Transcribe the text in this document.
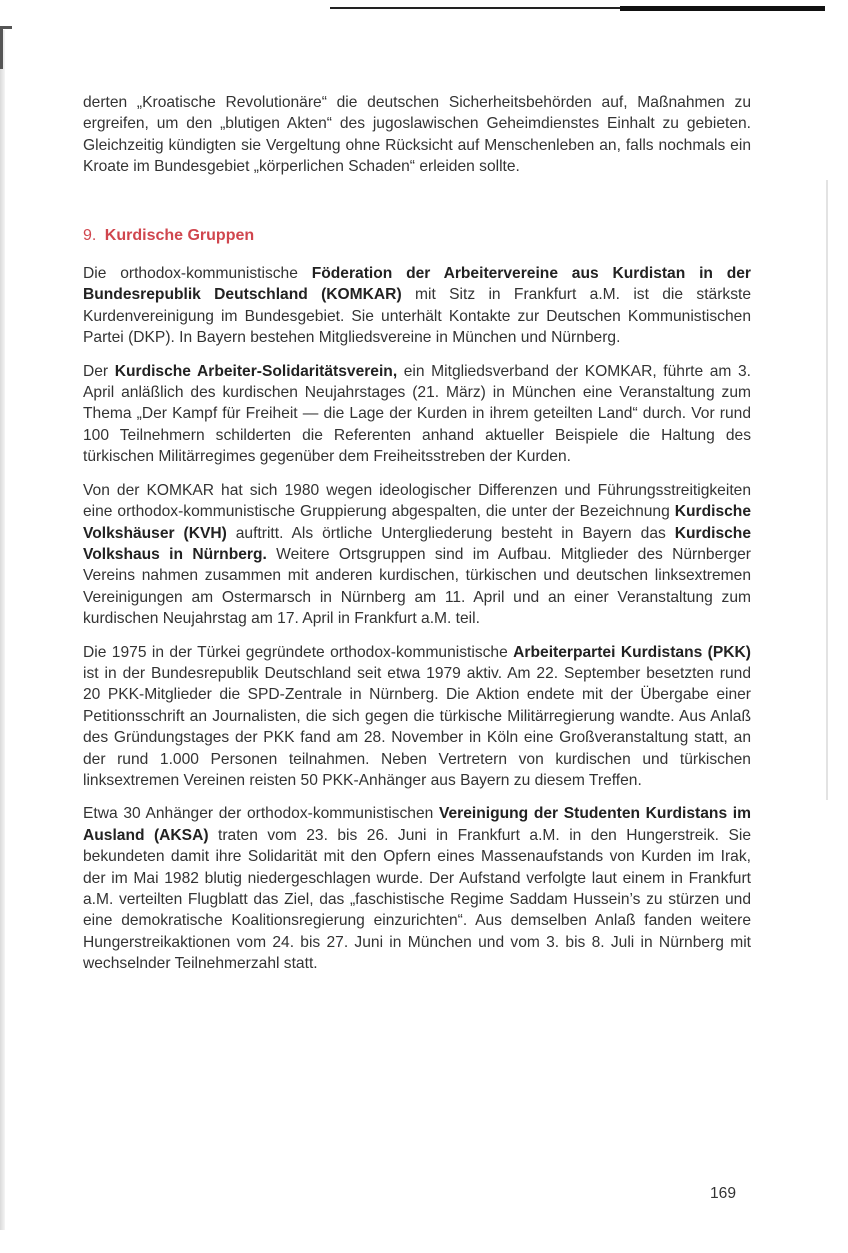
derten „Kroatische Revolutionäre“ die deutschen Sicherheitsbehörden auf, Maßnahmen zu ergreifen, um den „blutigen Akten“ des jugoslawischen Geheimdienstes Einhalt zu gebieten. Gleichzeitig kündigten sie Vergeltung ohne Rücksicht auf Menschenleben an, falls nochmals ein Kroate im Bundesgebiet „körperlichen Schaden“ erleiden sollte.

9. Kurdische Gruppen

Die orthodox-kommunistische Föderation der Arbeitervereine aus Kurdistan in der Bundesrepublik Deutschland (KOMKAR) mit Sitz in Frankfurt a.M. ist die stärkste Kurdenvereinigung im Bundesgebiet. Sie unterhält Kontakte zur Deutschen Kommunistischen Partei (DKP). In Bayern bestehen Mitgliedsvereine in München und Nürnberg.

Der Kurdische Arbeiter-Solidaritätsverein, ein Mitgliedsverband der KOMKAR, führte am 3. April anläßlich des kurdischen Neujahrstages (21. März) in München eine Veranstaltung zum Thema „Der Kampf für Freiheit — die Lage der Kurden in ihrem geteilten Land“ durch. Vor rund 100 Teilnehmern schilderten die Referenten anhand aktueller Beispiele die Haltung des türkischen Militärregimes gegenüber dem Freiheitsstreben der Kurden.

Von der KOMKAR hat sich 1980 wegen ideologischer Differenzen und Führungsstreitigkeiten eine orthodox-kommunistische Gruppierung abgespalten, die unter der Bezeichnung Kurdische Volkshäuser (KVH) auftritt. Als örtliche Untergliederung besteht in Bayern das Kurdische Volkshaus in Nürnberg. Weitere Ortsgruppen sind im Aufbau. Mitglieder des Nürnberger Vereins nahmen zusammen mit anderen kurdischen, türkischen und deutschen linksextremen Vereinigungen am Ostermarsch in Nürnberg am 11. April und an einer Veranstaltung zum kurdischen Neujahrstag am 17. April in Frankfurt a.M. teil.

Die 1975 in der Türkei gegründete orthodox-kommunistische Arbeiterpartei Kurdistans (PKK) ist in der Bundesrepublik Deutschland seit etwa 1979 aktiv. Am 22. September besetzten rund 20 PKK-Mitglieder die SPD-Zentrale in Nürnberg. Die Aktion endete mit der Übergabe einer Petitionsschrift an Journalisten, die sich gegen die türkische Militärregierung wandte. Aus Anlaß des Gründungstages der PKK fand am 28. November in Köln eine Großveranstaltung statt, an der rund 1.000 Personen teilnahmen. Neben Vertretern von kurdischen und türkischen linksextremen Vereinen reisten 50 PKK-Anhänger aus Bayern zu diesem Treffen.

Etwa 30 Anhänger der orthodox-kommunistischen Vereinigung der Studenten Kurdistans im Ausland (AKSA) traten vom 23. bis 26. Juni in Frankfurt a.M. in den Hungerstreik. Sie bekundeten damit ihre Solidarität mit den Opfern eines Massenaufstands von Kurden im Irak, der im Mai 1982 blutig niedergeschlagen wurde. Der Aufstand verfolgte laut einem in Frankfurt a.M. verteilten Flugblatt das Ziel, das „faschistische Regime Saddam Hussein’s zu stürzen und eine demokratische Koalitionsregierung einzurichten“. Aus demselben Anlaß fanden weitere Hungerstreikaktionen vom 24. bis 27. Juni in München und vom 3. bis 8. Juli in Nürnberg mit wechselnder Teilnehmerzahl statt.

169
